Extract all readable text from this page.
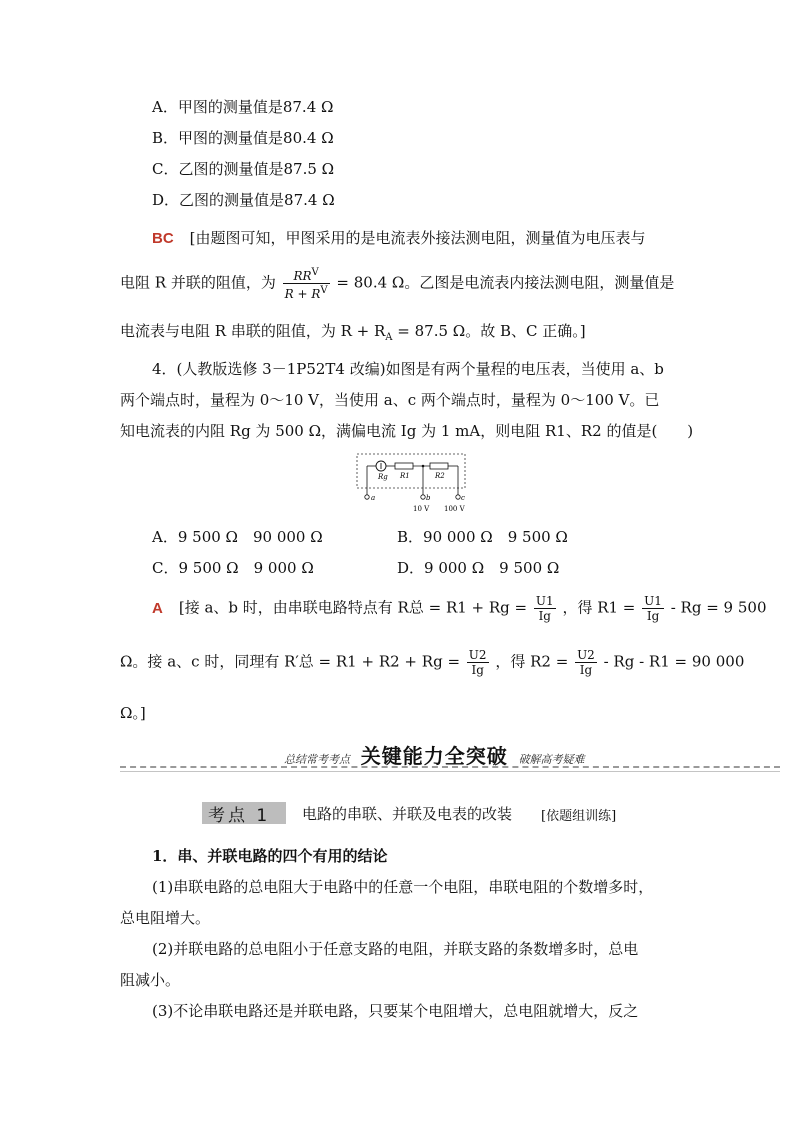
A．甲图的测量值是87.4 Ω
B．甲图的测量值是80.4 Ω
C．乙图的测量值是87.5 Ω
D．乙图的测量值是87.4 Ω
BC [由题图可知，甲图采用的是电流表外接法测电阻，测量值为电压表与
电阻 R 并联的阻值，为 $\frac{RR^V}{R + R^V} = 80.4$ Ω。乙图是电流表内接法测电阻，测量值是
电流表与电阻 R 串联的阻值，为 $R + R_A = 87.5$ Ω。故 B、C 正确。]
4．(人教版选修 3－1P52T4 改编)如图是有两个量程的电压表，当使用 a、b
两个端点时，量程为 0～10 V，当使用 a、c 两个端点时，量程为 0～100 V。已
知电流表的内阻 Rg 为 500 Ω，满偏电流 Ig 为 1 mA，则电阻 R1、R2 的值是(　　)
Rg R1	R2
a	b	c
10 V 100 V
A．9 500 Ω　90 000 Ω	B．90 000 Ω　9 500 Ω
C．9 500 Ω　9 000 Ω	D．9 000 Ω　9 500 Ω
A [接 a、b 时，由串联电路特点有 R总 = $R1 + Rg = \frac{U1}{Ig}$ ，得 $R1 = \frac{U1}{Ig} - Rg = 9$ 500
Ω。接 a、c 时，同理有 R′总 = $R1 + R2 + Rg = \frac{U2}{Ig}$ ，得 $R2 = \frac{U2}{Ig} - Rg - R1 = 90$ 000
Ω。]
总结常考考点 关键能力全突破 破解高考疑难
考点 1 电路的串联、并联及电表的改装 [依题组训练]
1．串、并联电路的四个有用的结论
(1)串联电路的总电阻大于电路中的任意一个电阻，串联电阻的个数增多时，
总电阻增大。
(2)并联电路的总电阻小于任意支路的电阻，并联支路的条数增多时，总电
阻减小。
(3)不论串联电路还是并联电路，只要某个电阻增大，总电阻就增大，反之
